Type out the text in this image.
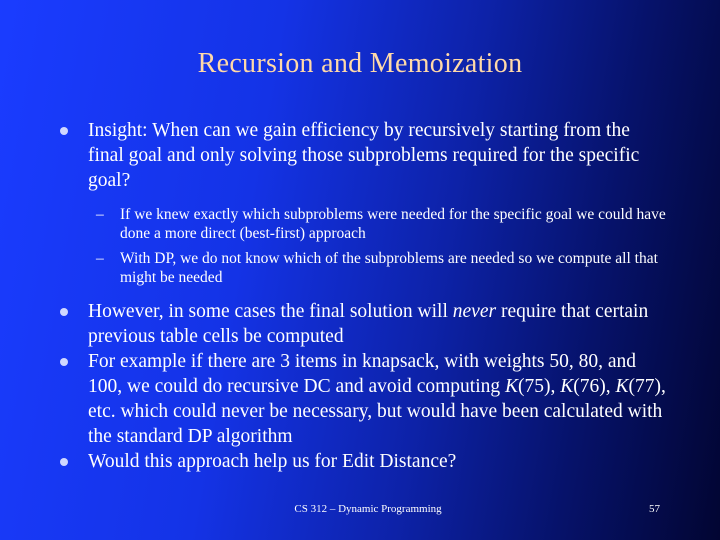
Recursion and Memoization
Insight: When can we gain efficiency by recursively starting from the final goal and only solving those subproblems required for the specific goal?
– If we knew exactly which subproblems were needed for the specific goal we could have done a more direct (best-first) approach
– With DP, we do not know which of the subproblems are needed so we compute all that might be needed
However, in some cases the final solution will never require that certain previous table cells be computed
For example if there are 3 items in knapsack, with weights 50, 80, and 100, we could do recursive DC and avoid computing K(75), K(76), K(77), etc. which could never be necessary, but would have been calculated with the standard DP algorithm
Would this approach help us for Edit Distance?
CS 312 – Dynamic Programming	57
